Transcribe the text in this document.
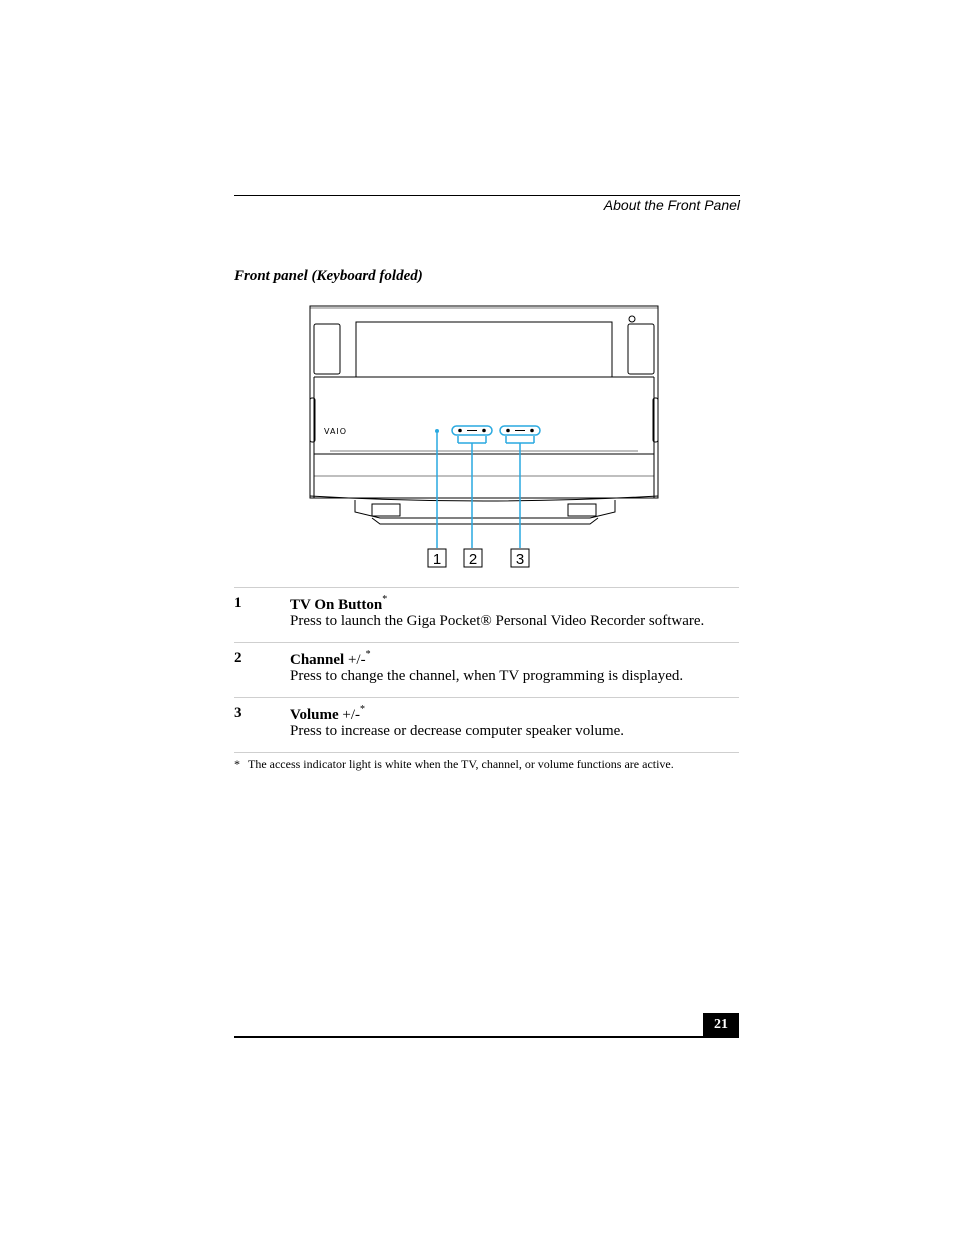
About the Front Panel
Front panel (Keyboard folded)
VAIO
1 2	3
1	TV On Button*
Press to launch the Giga Pocket® Personal Video Recorder software.
2	Channel +/-*
Press to change the channel, when TV programming is displayed.
3	Volume +/-*
Press to increase or decrease computer speaker volume.
* The access indicator light is white when the TV, channel, or volume functions are active.
21
